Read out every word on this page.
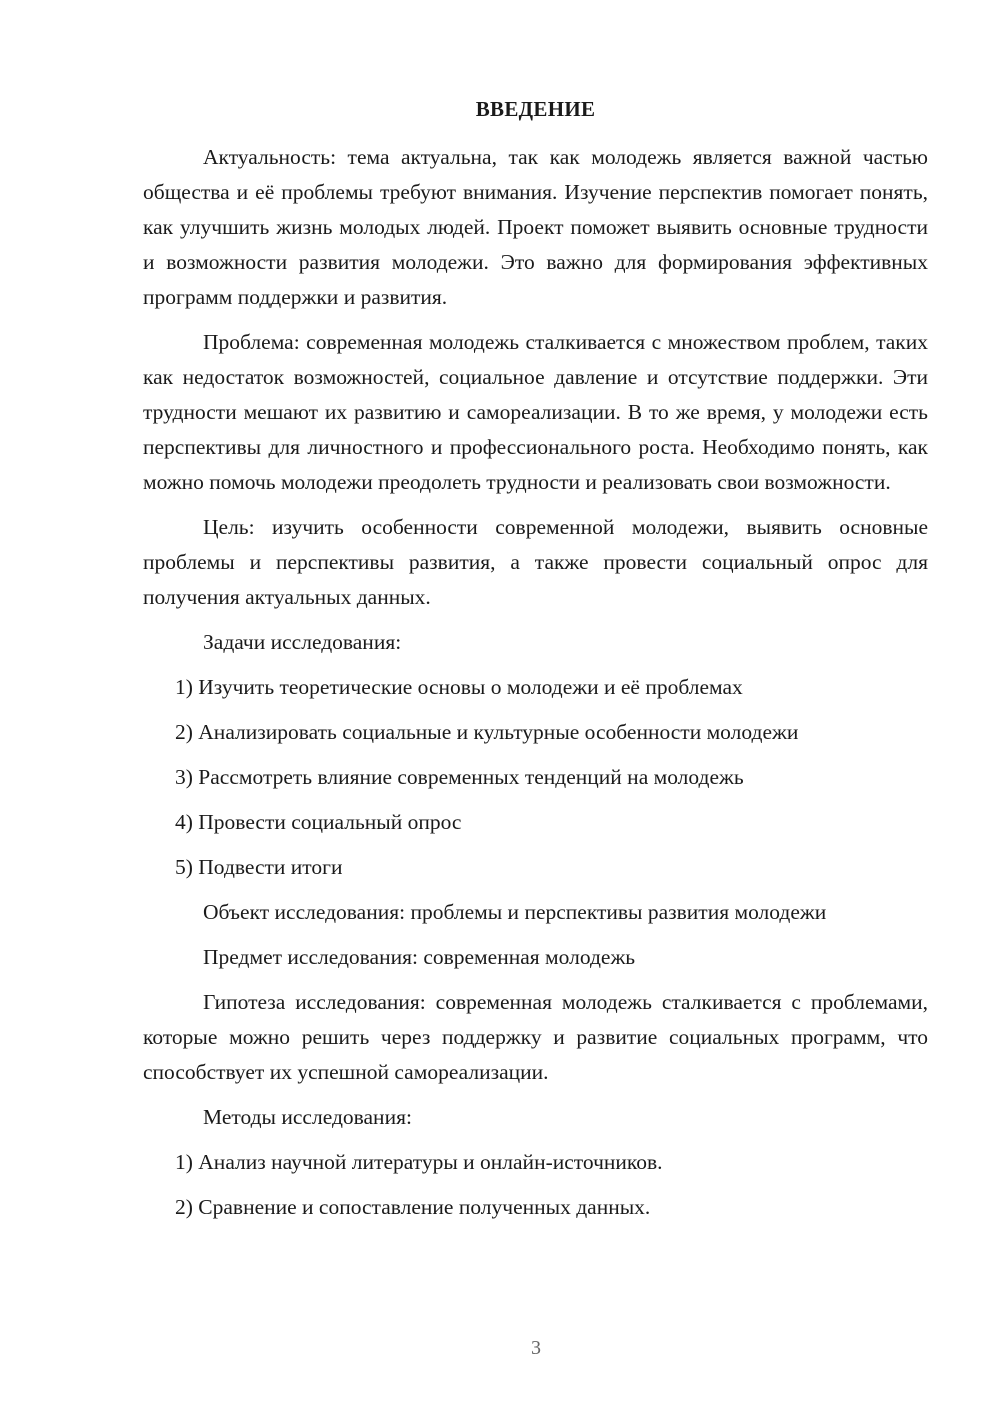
ВВЕДЕНИЕ

Актуальность: тема актуальна, так как молодежь является важной частью общества и её проблемы требуют внимания. Изучение перспектив помогает понять, как улучшить жизнь молодых людей. Проект поможет выявить основные трудности и возможности развития молодежи. Это важно для формирования эффективных программ поддержки и развития.

Проблема: современная молодежь сталкивается с множеством проблем, таких как недостаток возможностей, социальное давление и отсутствие поддержки. Эти трудности мешают их развитию и самореализации. В то же время, у молодежи есть перспективы для личностного и профессионального роста. Необходимо понять, как можно помочь молодежи преодолеть трудности и реализовать свои возможности.

Цель: изучить особенности современной молодежи, выявить основные проблемы и перспективы развития, а также провести социальный опрос для получения актуальных данных.

Задачи исследования:

1) Изучить теоретические основы о молодежи и её проблемах

2) Анализировать социальные и культурные особенности молодежи

3) Рассмотреть влияние современных тенденций на молодежь

4) Провести социальный опрос

5) Подвести итоги

Объект исследования: проблемы и перспективы развития молодежи

Предмет исследования: современная молодежь

Гипотеза исследования: современная молодежь сталкивается с проблемами, которые можно решить через поддержку и развитие социальных программ, что способствует их успешной самореализации.

Методы исследования:

1) Анализ научной литературы и онлайн-источников.

2) Сравнение и сопоставление полученных данных.

3
